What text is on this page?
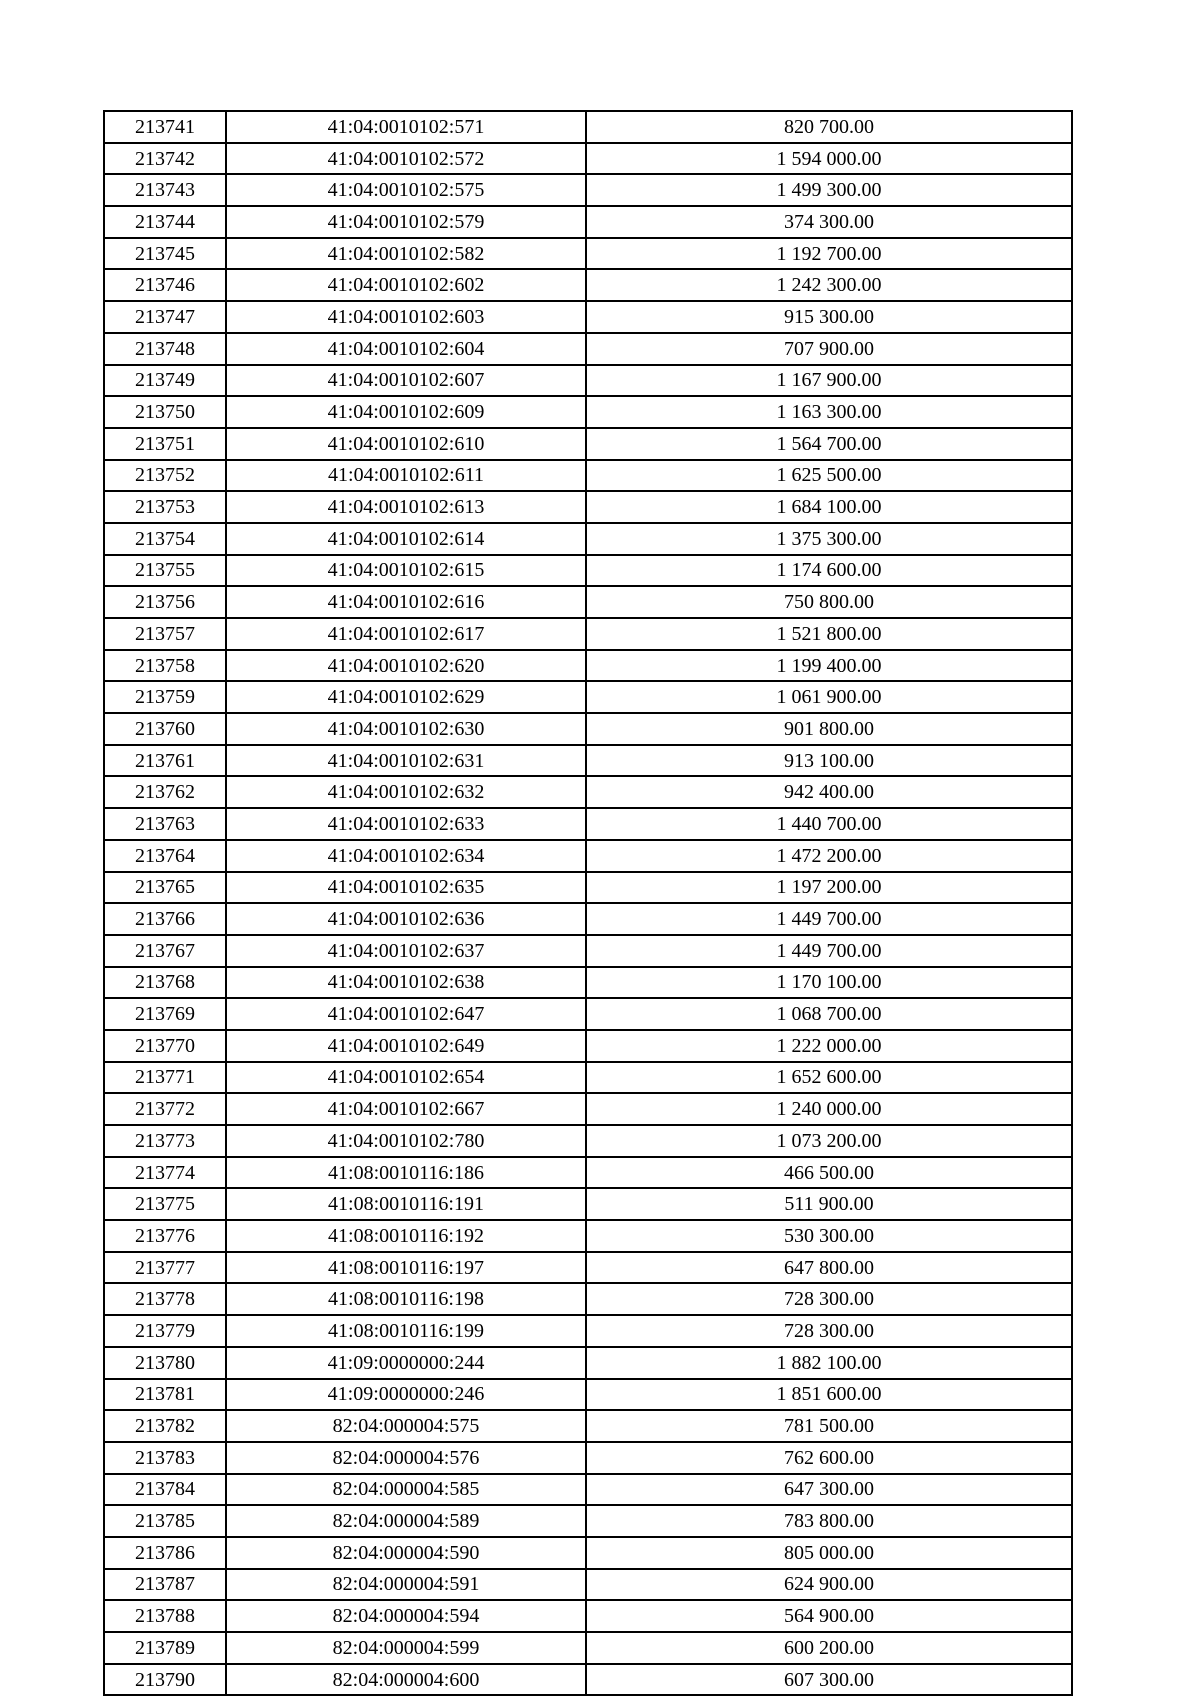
213741	41:04:0010102:571	820 700.00
213742	41:04:0010102:572	1 594 000.00
213743	41:04:0010102:575	1 499 300.00
213744	41:04:0010102:579	374 300.00
213745	41:04:0010102:582	1 192 700.00
213746	41:04:0010102:602	1 242 300.00
213747	41:04:0010102:603	915 300.00
213748	41:04:0010102:604	707 900.00
213749	41:04:0010102:607	1 167 900.00
213750	41:04:0010102:609	1 163 300.00
213751	41:04:0010102:610	1 564 700.00
213752	41:04:0010102:611	1 625 500.00
213753	41:04:0010102:613	1 684 100.00
213754	41:04:0010102:614	1 375 300.00
213755	41:04:0010102:615	1 174 600.00
213756	41:04:0010102:616	750 800.00
213757	41:04:0010102:617	1 521 800.00
213758	41:04:0010102:620	1 199 400.00
213759	41:04:0010102:629	1 061 900.00
213760	41:04:0010102:630	901 800.00
213761	41:04:0010102:631	913 100.00
213762	41:04:0010102:632	942 400.00
213763	41:04:0010102:633	1 440 700.00
213764	41:04:0010102:634	1 472 200.00
213765	41:04:0010102:635	1 197 200.00
213766	41:04:0010102:636	1 449 700.00
213767	41:04:0010102:637	1 449 700.00
213768	41:04:0010102:638	1 170 100.00
213769	41:04:0010102:647	1 068 700.00
213770	41:04:0010102:649	1 222 000.00
213771	41:04:0010102:654	1 652 600.00
213772	41:04:0010102:667	1 240 000.00
213773	41:04:0010102:780	1 073 200.00
213774	41:08:0010116:186	466 500.00
213775	41:08:0010116:191	511 900.00
213776	41:08:0010116:192	530 300.00
213777	41:08:0010116:197	647 800.00
213778	41:08:0010116:198	728 300.00
213779	41:08:0010116:199	728 300.00
213780	41:09:0000000:244	1 882 100.00
213781	41:09:0000000:246	1 851 600.00
213782	82:04:000004:575	781 500.00
213783	82:04:000004:576	762 600.00
213784	82:04:000004:585	647 300.00
213785	82:04:000004:589	783 800.00
213786	82:04:000004:590	805 000.00
213787	82:04:000004:591	624 900.00
213788	82:04:000004:594	564 900.00
213789	82:04:000004:599	600 200.00
213790	82:04:000004:600	607 300.00
